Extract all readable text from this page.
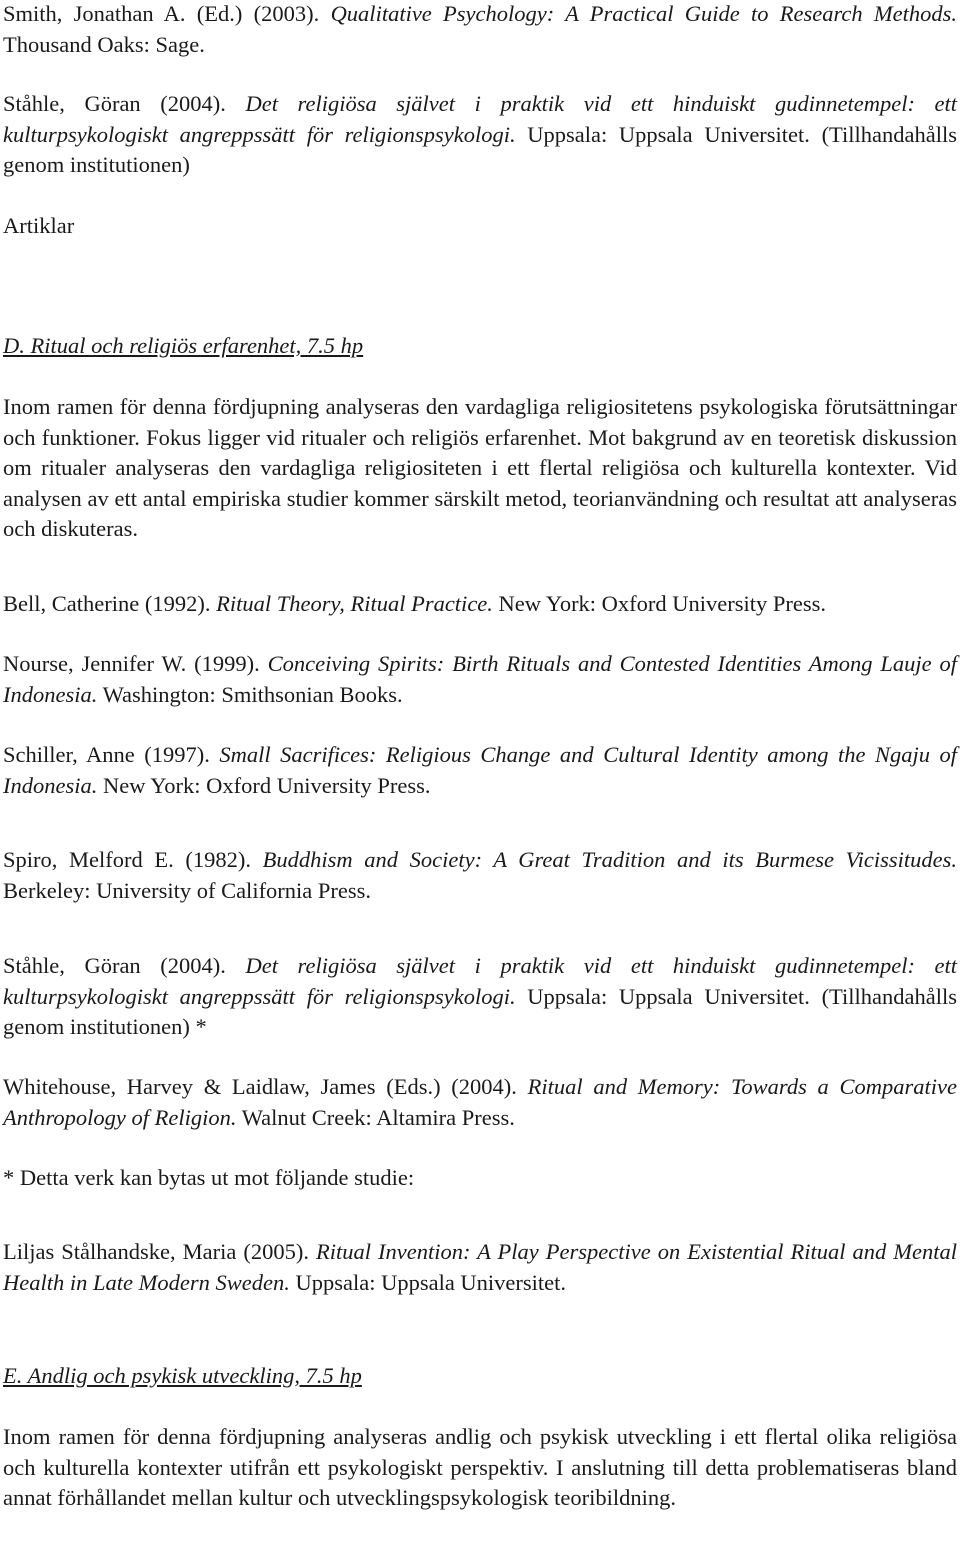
Smith, Jonathan A. (Ed.) (2003). Qualitative Psychology: A Practical Guide to Research Methods. Thousand Oaks: Sage.

Ståhle, Göran (2004). Det religiösa självet i praktik vid ett hinduiskt gudinnetempel: ett kulturpsykologiskt angreppssätt för religionspsykologi. Uppsala: Uppsala Universitet. (Tillhandahålls genom institutionen)

Artiklar

D. Ritual och religiös erfarenhet, 7.5 hp

Inom ramen för denna fördjupning analyseras den vardagliga religiositetens psykologiska förutsättningar och funktioner. Fokus ligger vid ritualer och religiös erfarenhet. Mot bakgrund av en teoretisk diskussion om ritualer analyseras den vardagliga religiositeten i ett flertal religiösa och kulturella kontexter. Vid analysen av ett antal empiriska studier kommer särskilt metod, teorianvändning och resultat att analyseras och diskuteras.

Bell, Catherine (1992). Ritual Theory, Ritual Practice. New York: Oxford University Press.

Nourse, Jennifer W. (1999). Conceiving Spirits: Birth Rituals and Contested Identities Among Lauje of Indonesia. Washington: Smithsonian Books.

Schiller, Anne (1997). Small Sacrifices: Religious Change and Cultural Identity among the Ngaju of Indonesia. New York: Oxford University Press.

Spiro, Melford E. (1982). Buddhism and Society: A Great Tradition and its Burmese Vicissitudes. Berkeley: University of California Press.

Ståhle, Göran (2004). Det religiösa självet i praktik vid ett hinduiskt gudinnetempel: ett kulturpsykologiskt angreppssätt för religionspsykologi. Uppsala: Uppsala Universitet. (Tillhandahålls genom institutionen) *

Whitehouse, Harvey & Laidlaw, James (Eds.) (2004). Ritual and Memory: Towards a Comparative Anthropology of Religion. Walnut Creek: Altamira Press.

* Detta verk kan bytas ut mot följande studie:

Liljas Stålhandske, Maria (2005). Ritual Invention: A Play Perspective on Existential Ritual and Mental Health in Late Modern Sweden. Uppsala: Uppsala Universitet.

E. Andlig och psykisk utveckling, 7.5 hp

Inom ramen för denna fördjupning analyseras andlig och psykisk utveckling i ett flertal olika religiösa och kulturella kontexter utifrån ett psykologiskt perspektiv. I anslutning till detta problematiseras bland annat förhållandet mellan kultur och utvecklingspsykologisk teoribildning.
